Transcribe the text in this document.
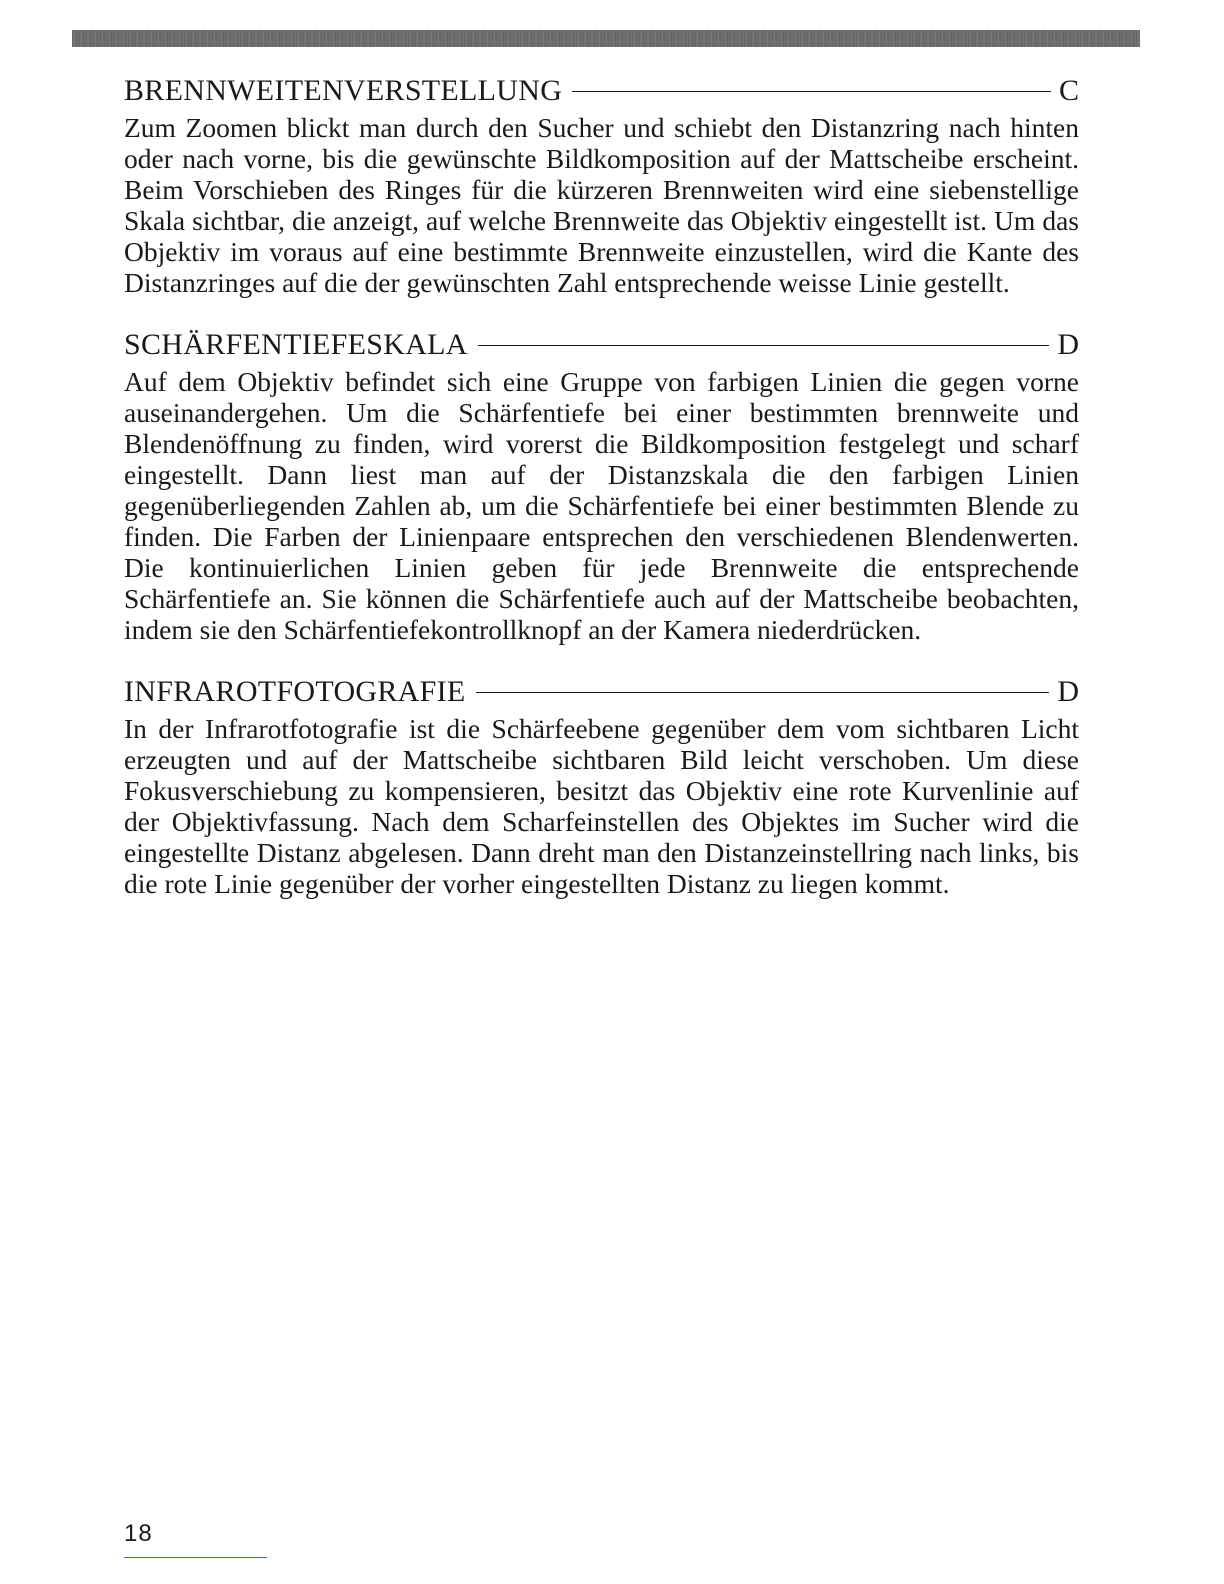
BRENNWEITENVERSTELLUNG	C

Zum Zoomen blickt man durch den Sucher und schiebt den Distanzring nach hinten oder nach vorne, bis die gewünschte Bildkomposition auf der Mattscheibe erscheint. Beim Vorschieben des Ringes für die kürzeren Brennweiten wird eine siebenstellige Skala sichtbar, die anzeigt, auf welche Brennweite das Objektiv eingestellt ist. Um das Objektiv im voraus auf eine bestimmte Brennweite einzustellen, wird die Kante des Distanzringes auf die der gewünschten Zahl entsprechende weisse Linie gestellt.

SCHÄRFENTIEFESKALA	D

Auf dem Objektiv befindet sich eine Gruppe von farbigen Linien die gegen vorne auseinandergehen. Um die Schärfentiefe bei einer bestimmten brennweite und Blendenöffnung zu finden, wird vorerst die Bildkomposition festgelegt und scharf eingestellt. Dann liest man auf der Distanzskala die den farbigen Linien gegenüberliegenden Zahlen ab, um die Schärfentiefe bei einer bestimmten Blende zu finden. Die Farben der Linienpaare entsprechen den verschiedenen Blendenwerten. Die kontinuierlichen Linien geben für jede Brennweite die entsprechende Schärfentiefe an. Sie können die Schärfentiefe auch auf der Mattscheibe beobachten, indem sie den Schärfentiefekontrollknopf an der Kamera niederdrücken.

INFRAROTFOTOGRAFIE	D

In der Infrarotfotografie ist die Schärfeebene gegenüber dem vom sichtbaren Licht erzeugten und auf der Mattscheibe sichtbaren Bild leicht verschoben. Um diese Fokusverschiebung zu kompensieren, besitzt das Objektiv eine rote Kurvenlinie auf der Objektivfassung. Nach dem Scharfeinstellen des Objektes im Sucher wird die eingestellte Distanz abgelesen. Dann dreht man den Distanzeinstellring nach links, bis die rote Linie gegenüber der vorher eingestellten Distanz zu liegen kommt.

18
